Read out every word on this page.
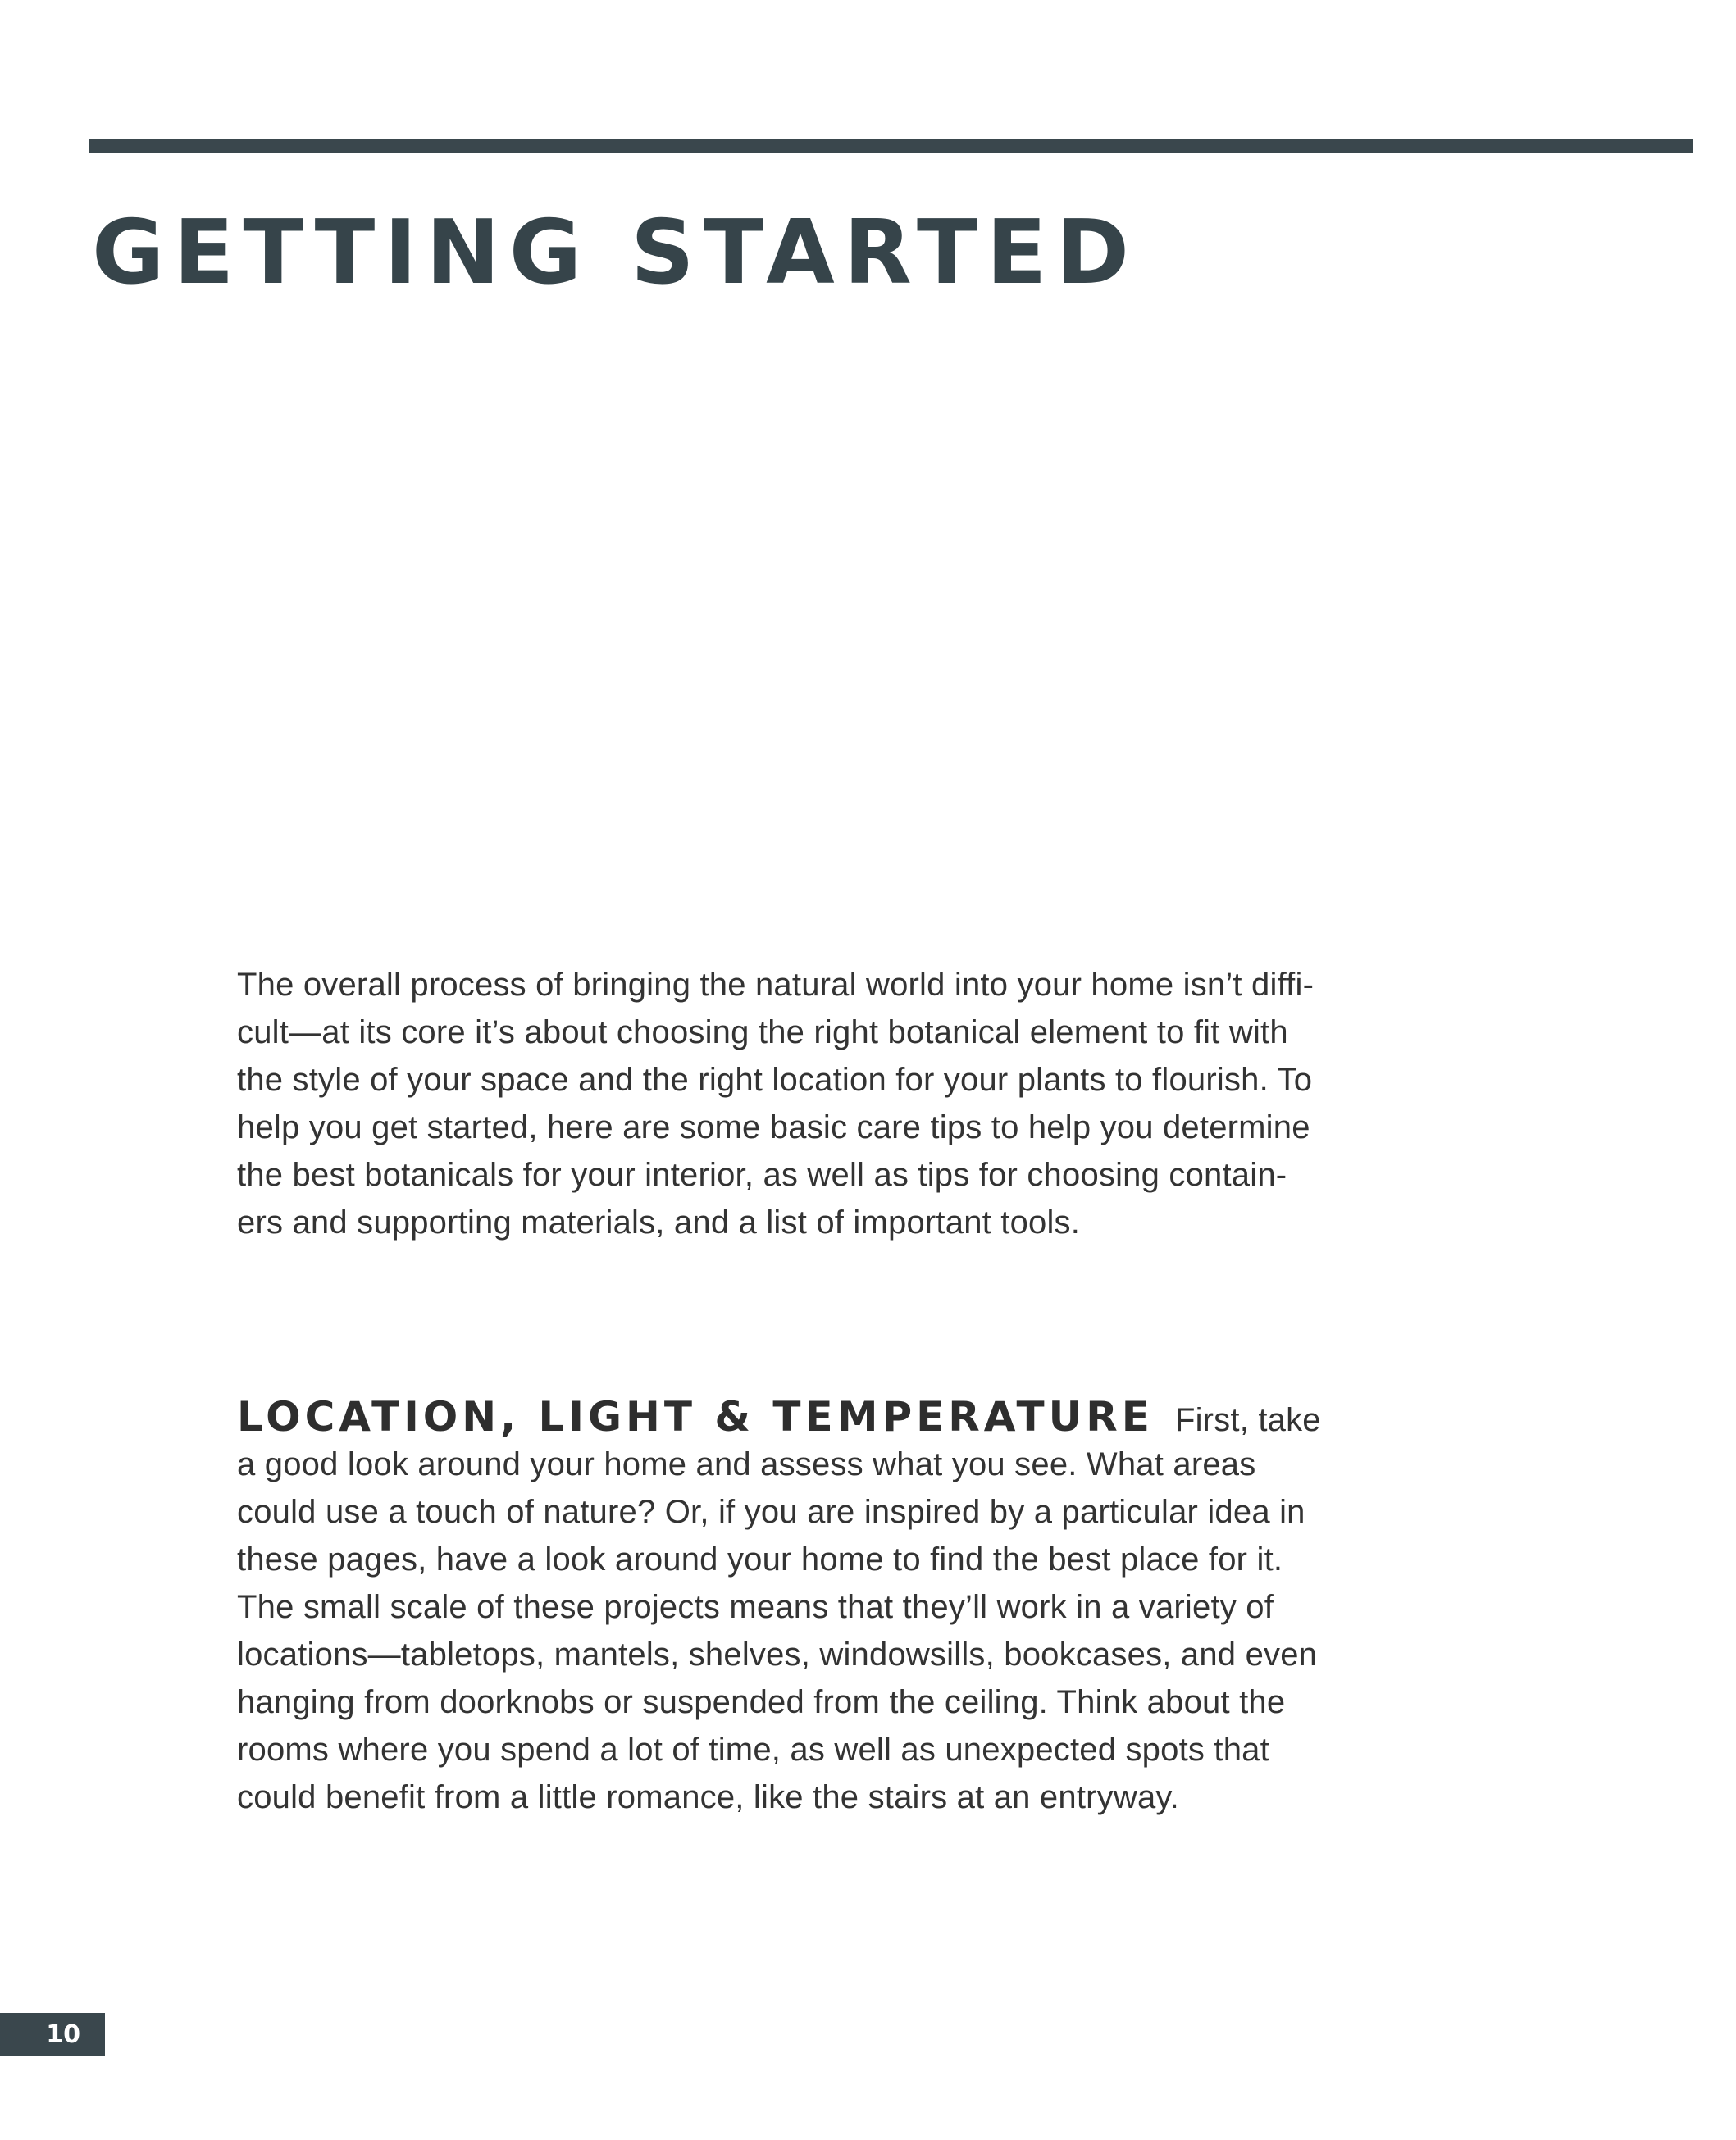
GETTING STARTED
The overall process of bringing the natural world into your home isn’t diffi-
cult—at its core it’s about choosing the right botanical element to fit with
the style of your space and the right location for your plants to flourish. To
help you get started, here are some basic care tips to help you determine
the best botanicals for your interior, as well as tips for choosing contain-
ers and supporting materials, and a list of important tools.
LOCATION, LIGHT & TEMPERATURE First, take
a good look around your home and assess what you see. What areas
could use a touch of nature? Or, if you are inspired by a particular idea in
these pages, have a look around your home to find the best place for it.
The small scale of these projects means that they’ll work in a variety of
locations—tabletops, mantels, shelves, windowsills, bookcases, and even
hanging from doorknobs or suspended from the ceiling. Think about the
rooms where you spend a lot of time, as well as unexpected spots that
could benefit from a little romance, like the stairs at an entryway.
10
